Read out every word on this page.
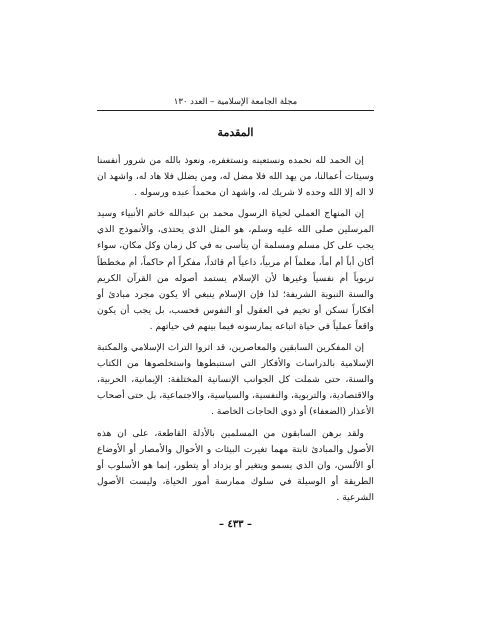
مجلة الجامعة الإسلامية – العدد ١٣٠
المقدمة

إن الحمد لله نحمده ونستعينه ونستغفره، ونعوذ بالله من شرور أنفسنا وسيئات أعمالنا، من يهد الله فلا مضل له، ومن يضلل فلا هاد له، واشهد ان لا اله إلا الله وحده لا شريك له، واشهد ان محمداً عبده ورسوله .

إن المنهاج العملي لحياة الرسول محمد بن عبدالله خاتم الأنبياء وسيد المرسلين صلى الله عليه وسلم، هو المثل الذي يحتذى، والأنموذج الذي يجب على كل مسلم ومسلمة أن يتأسى به في كل زمان وكل مكان، سواء أكان أباً أم أماً، معلماً أم مربياً، داعياً أم قائداً، مفكراً أم حاكماً، أم مخططاً تربوياً أم نفسياً وغيرها لأن الإسلام يستمد أصوله من القرآن الكريم والسنة النبوية الشريفة؛ لذا فإن الإسلام ينبغي ألا يكون مجرد مبادئ أو أفكاراً تسكن أو تخيم في العقول أو النفوس فحسب، بل يجب أن يكون واقعاً عملياً في حياة اتباعه يمارسونه فيما بينهم في حياتهم .

إن المفكرين السابقين والمعاصرين، قد اثروا التراث الإسلامي والمكتبة الإسلامية بالدراسات والأفكار التي استنبطوها واستخلصوها من الكتاب والسنة، حتى شملت كل الجوانب الإنسانية المختلفة: الإيمانية، الحربية، والاقتصادية، والتربوية، والنفسية، والسياسية، والاجتماعية، بل حتى أصحاب الأعذار (الضعفاء) أو ذوي الحاجات الخاصة .

ولقد برهن السابقون من المسلمين بالأدلة القاطعة، على ان هذه الأصول والمبادئ ثابتة مهما تغيرت البيئات و الأحوال والأمصار أو الأوضاع أو الألسن، وان الذي يسمو ويتغير أو يزداد أو يتطور، إنما هو الأسلوب أو الطريقة أو الوسيلة في سلوك ممارسة أمور الحياة، وليست الأصول الشرعية .

– ٤٣٣ –
